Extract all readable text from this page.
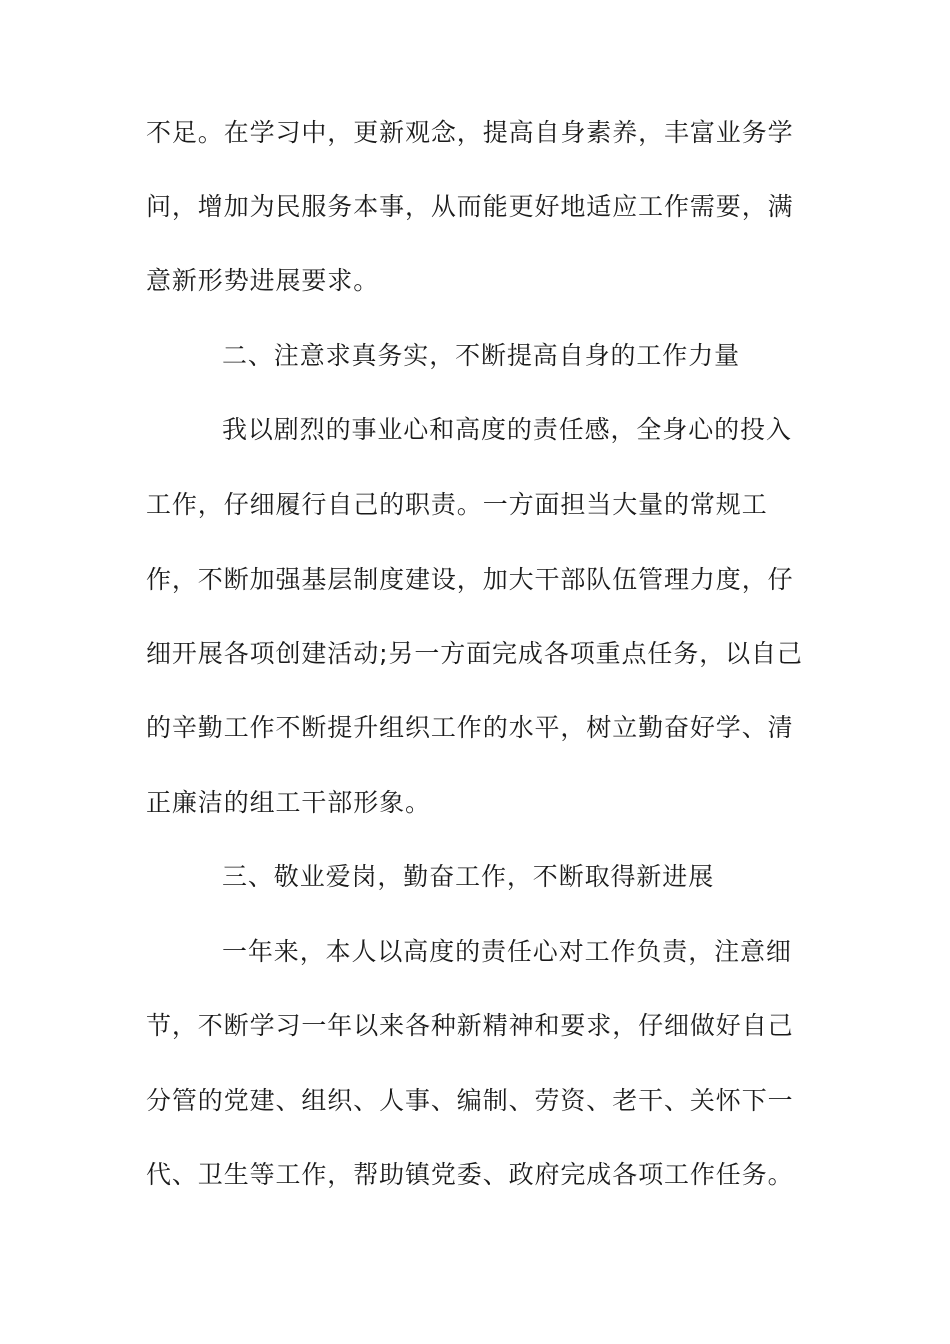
不足。在学习中，更新观念，提高自身素养，丰富业务学
问，增加为民服务本事，从而能更好地适应工作需要，满
意新形势进展要求。
二、注意求真务实，不断提高自身的工作力量
我以剧烈的事业心和高度的责任感，全身心的投入
工作，仔细履行自己的职责。一方面担当大量的常规工
作，不断加强基层制度建设，加大干部队伍管理力度，仔
细开展各项创建活动;另一方面完成各项重点任务，以自己
的辛勤工作不断提升组织工作的水平，树立勤奋好学、清
正廉洁的组工干部形象。
三、敬业爱岗，勤奋工作，不断取得新进展
一年来，本人以高度的责任心对工作负责，注意细
节，不断学习一年以来各种新精神和要求，仔细做好自己
分管的党建、组织、人事、编制、劳资、老干、关怀下一
代、卫生等工作，帮助镇党委、政府完成各项工作任务。
